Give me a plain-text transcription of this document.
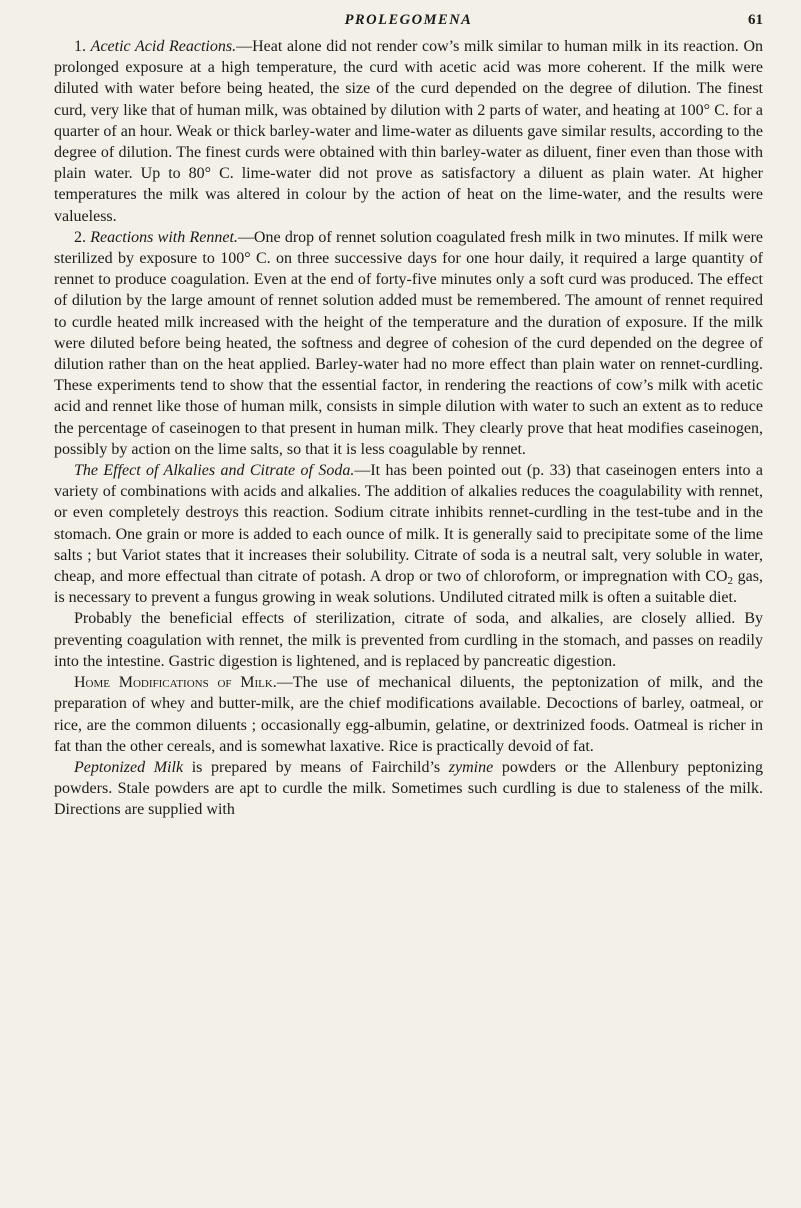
PROLEGOMENA	61

1. Acetic Acid Reactions.—Heat alone did not render cow’s milk similar to human milk in its reaction. On prolonged exposure at a high temperature, the curd with acetic acid was more coherent. If the milk were diluted with water before being heated, the size of the curd depended on the degree of dilution. The finest curd, very like that of human milk, was obtained by dilution with 2 parts of water, and heating at 100° C. for a quarter of an hour. Weak or thick barley-water and lime-water as diluents gave similar results, according to the degree of dilution. The finest curds were obtained with thin barley-water as diluent, finer even than those with plain water. Up to 80° C. lime-water did not prove as satisfactory a diluent as plain water. At higher temperatures the milk was altered in colour by the action of heat on the lime-water, and the results were valueless.

2. Reactions with Rennet.—One drop of rennet solution coagulated fresh milk in two minutes. If milk were sterilized by exposure to 100° C. on three successive days for one hour daily, it required a large quantity of rennet to produce coagulation. Even at the end of forty-five minutes only a soft curd was produced. The effect of dilution by the large amount of rennet solution added must be remembered. The amount of rennet required to curdle heated milk increased with the height of the temperature and the duration of exposure. If the milk were diluted before being heated, the softness and degree of cohesion of the curd depended on the degree of dilution rather than on the heat applied. Barley-water had no more effect than plain water on rennet-curdling. These experiments tend to show that the essential factor, in rendering the reactions of cow’s milk with acetic acid and rennet like those of human milk, consists in simple dilution with water to such an extent as to reduce the percentage of caseinogen to that present in human milk. They clearly prove that heat modifies caseinogen, possibly by action on the lime salts, so that it is less coagulable by rennet.

The Effect of Alkalies and Citrate of Soda.—It has been pointed out (p. 33) that caseinogen enters into a variety of combinations with acids and alkalies. The addition of alkalies reduces the coagulability with rennet, or even completely destroys this reaction. Sodium citrate inhibits rennet-curdling in the test-tube and in the stomach. One grain or more is added to each ounce of milk. It is generally said to precipitate some of the lime salts ; but Variot states that it increases their solubility. Citrate of soda is a neutral salt, very soluble in water, cheap, and more effectual than citrate of potash. A drop or two of chloroform, or impregnation with $CO_2$ gas, is necessary to prevent a fungus growing in weak solutions. Undiluted citrated milk is often a suitable diet.

Probably the beneficial effects of sterilization, citrate of soda, and alkalies, are closely allied. By preventing coagulation with rennet, the milk is prevented from curdling in the stomach, and passes on readily into the intestine. Gastric digestion is lightened, and is replaced by pancreatic digestion.

Home Modifications of Milk.—The use of mechanical diluents, the peptonization of milk, and the preparation of whey and butter-milk, are the chief modifications available. Decoctions of barley, oatmeal, or rice, are the common diluents ; occasionally egg-albumin, gelatine, or dextrinized foods. Oatmeal is richer in fat than the other cereals, and is somewhat laxative. Rice is practically devoid of fat.

Peptonized Milk is prepared by means of Fairchild’s zymine powders or the Allenbury peptonizing powders. Stale powders are apt to curdle the milk. Sometimes such curdling is due to staleness of the milk. Directions are supplied with
